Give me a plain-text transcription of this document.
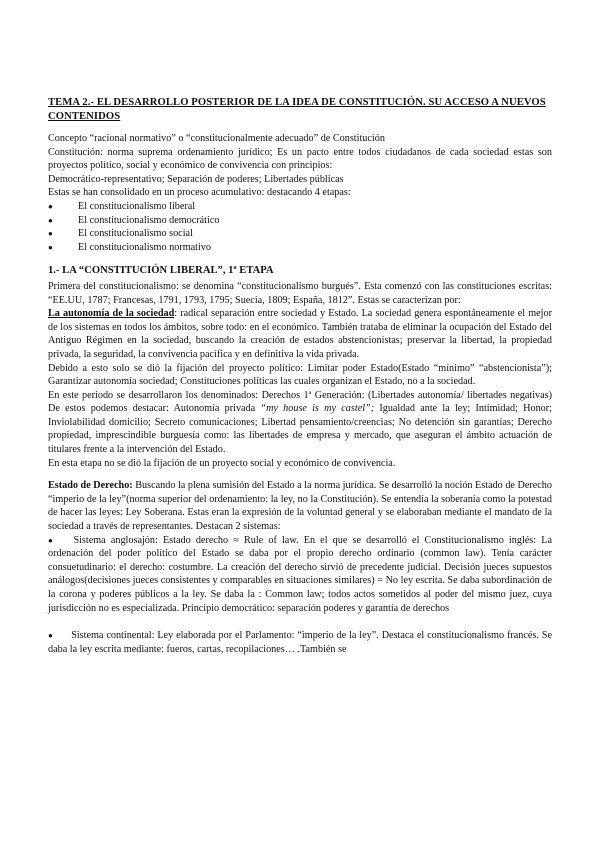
TEMA 2.- EL DESARROLLO POSTERIOR DE LA IDEA DE CONSTITUCIÓN. SU ACCESO A NUEVOS CONTENIDOS

Concepto “racional normativo” o “constitucionalmente adecuado” de Constitución

Constitución: norma suprema ordenamiento jurídico; Es un pacto entre todos ciudadanos de cada sociedad estas son proyectos político, social y económico de convivencia con principios:

Democrático-representativo; Separación de poderes; Libertades públicas

Estas se han consolidado en un proceso acumulativo: destacando 4 etapas:

● El constitucionalismo liberal
● El constitucionalismo democrático
● El constitucionalismo social
● El constitucionalismo normativo
1.- LA “CONSTITUCIÓN LIBERAL”, 1ª ETAPA

Primera del constitucionalismo: se denomina “constitucionalismo burgués”. Esta comenzó con las constituciones escritas: “EE.UU, 1787; Francesas, 1791, 1793, 1795; Suecia, 1809; España, 1812”. Estas se caracterizan por:

La autonomía de la sociedad: radical separación entre sociedad y Estado. La sociedad genera espontáneamente el mejor de los sistemas en todos los ámbitos, sobre todo: en el económico. También trataba de eliminar la ocupación del Estado del Antiguo Régimen en la sociedad, buscando la creación de estados abstencionistas; preservar la libertad, la propiedad privada, la seguridad, la convivencia pacífica y en definitiva la vida privada.

Debido a esto solo se dió la fijación del proyecto político: Limitar poder Estado(Estado “mínimo” “abstencionista”); Garantizar autonomía sociedad; Constituciones políticas las cuales organizan el Estado, no a la sociedad.

En este periodo se desarrollaron los denominados: Derechos 1ª Generación: (Libertades autonomía/ libertades negativas) De estos podemos destacar: Autonomía privada “my house is my castel”; Igualdad ante la ley; Intimidad; Honor; Inviolabilidad domicilio; Secreto comunicaciones; Libertad pensamiento/creencias; No detención sin garantías; Derecho propiedad, imprescindible burguesía como: las libertades de empresa y mercado, que aseguran el ámbito actuación de titulares frente a la intervención del Estado.

En esta etapa no se dió la fijación de un proyecto social y económico de convivencia.

Estado de Derecho: Buscando la plena sumisión del Estado a la norma jurídica. Se desarrolló la noción Estado de Derecho “imperio de la ley”(norma superior del ordenamiento: la ley, no la Constitución). Se entendía la soberanía como la potestad de hacer las leyes: Ley Soberana. Estas eran la expresión de la voluntad general y se elaboraban mediante el mandato de la sociedad a través de representantes. Destacan 2 sistemas:

● Sistema anglosajón: Estado derecho ≈ Rule of law. En el que se desarrolló el Constitucionalismo inglés: La ordenación del poder político del Estado se daba por el propio derecho ordinario (common law). Tenía carácter consuetudinario: el derecho: costumbre. La creación del derecho sirvió de precedente judicial. Decisión jueces supuestos análogos(decisiones jueces consistentes y comparables en situaciones similares) = No ley escrita. Se daba subordinación de la corona y poderes públicos a la ley. Se daba la : Common law; todos actos sometidos al poder del mismo juez, cuya jurisdicción no es especializada. Principio democrático: separación poderes y garantía de derechos

● Sistema continental: Ley elaborada por el Parlamento: “imperio de la ley”. Destaca el constitucionalismo francés. Se daba la ley escrita mediante: fueros, cartas, recopilaciones… .También se
